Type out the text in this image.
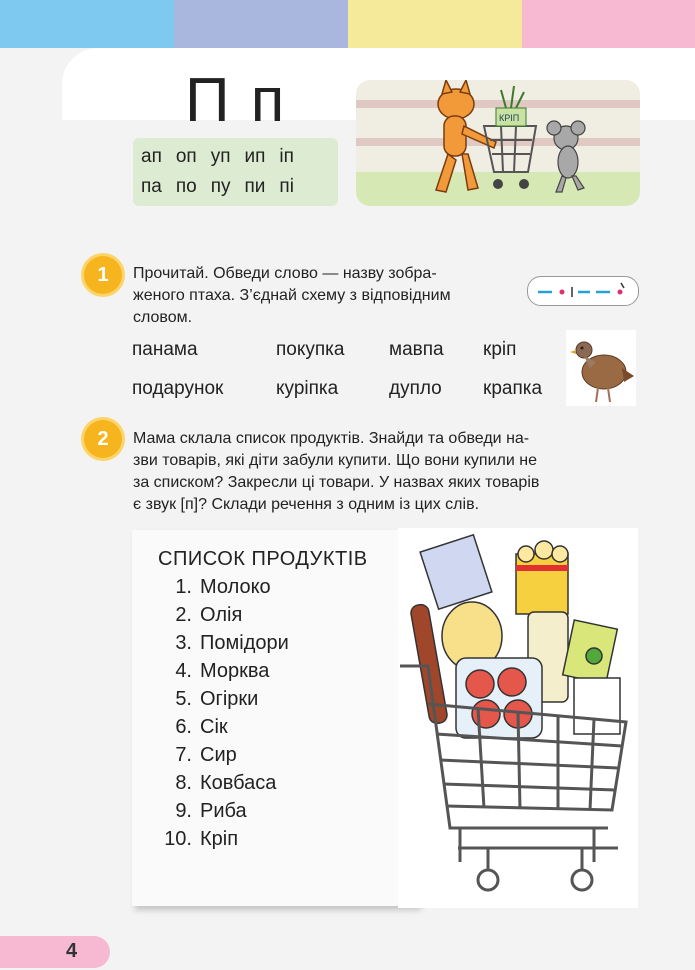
П п
ап оп уп ип іп
па по пу пи пі
КРІП
1	Прочитай. Обведи слово — назву зобра-
женого птаха. З’єднай схему з відповідним
словом.
панама	покупка мавпа кріп
подарунок	курiпка	дупло крапка
2	Мама склала список продуктів. Знайди та обведи на-
зви товарів, які діти забули купити. Що вони купили не
за списком? Закресли ці товари. У назвах яких товарів
є звук [п]? Склади речення з одним із цих слів.
СПИСОК ПРОДУКТІВ
1. Молоко
2. Олія
3. Помідори
4. Морква
5. Огірки
6. Сік
7. Сир
8. Ковбаса
9. Риба
10. Кріп
4
